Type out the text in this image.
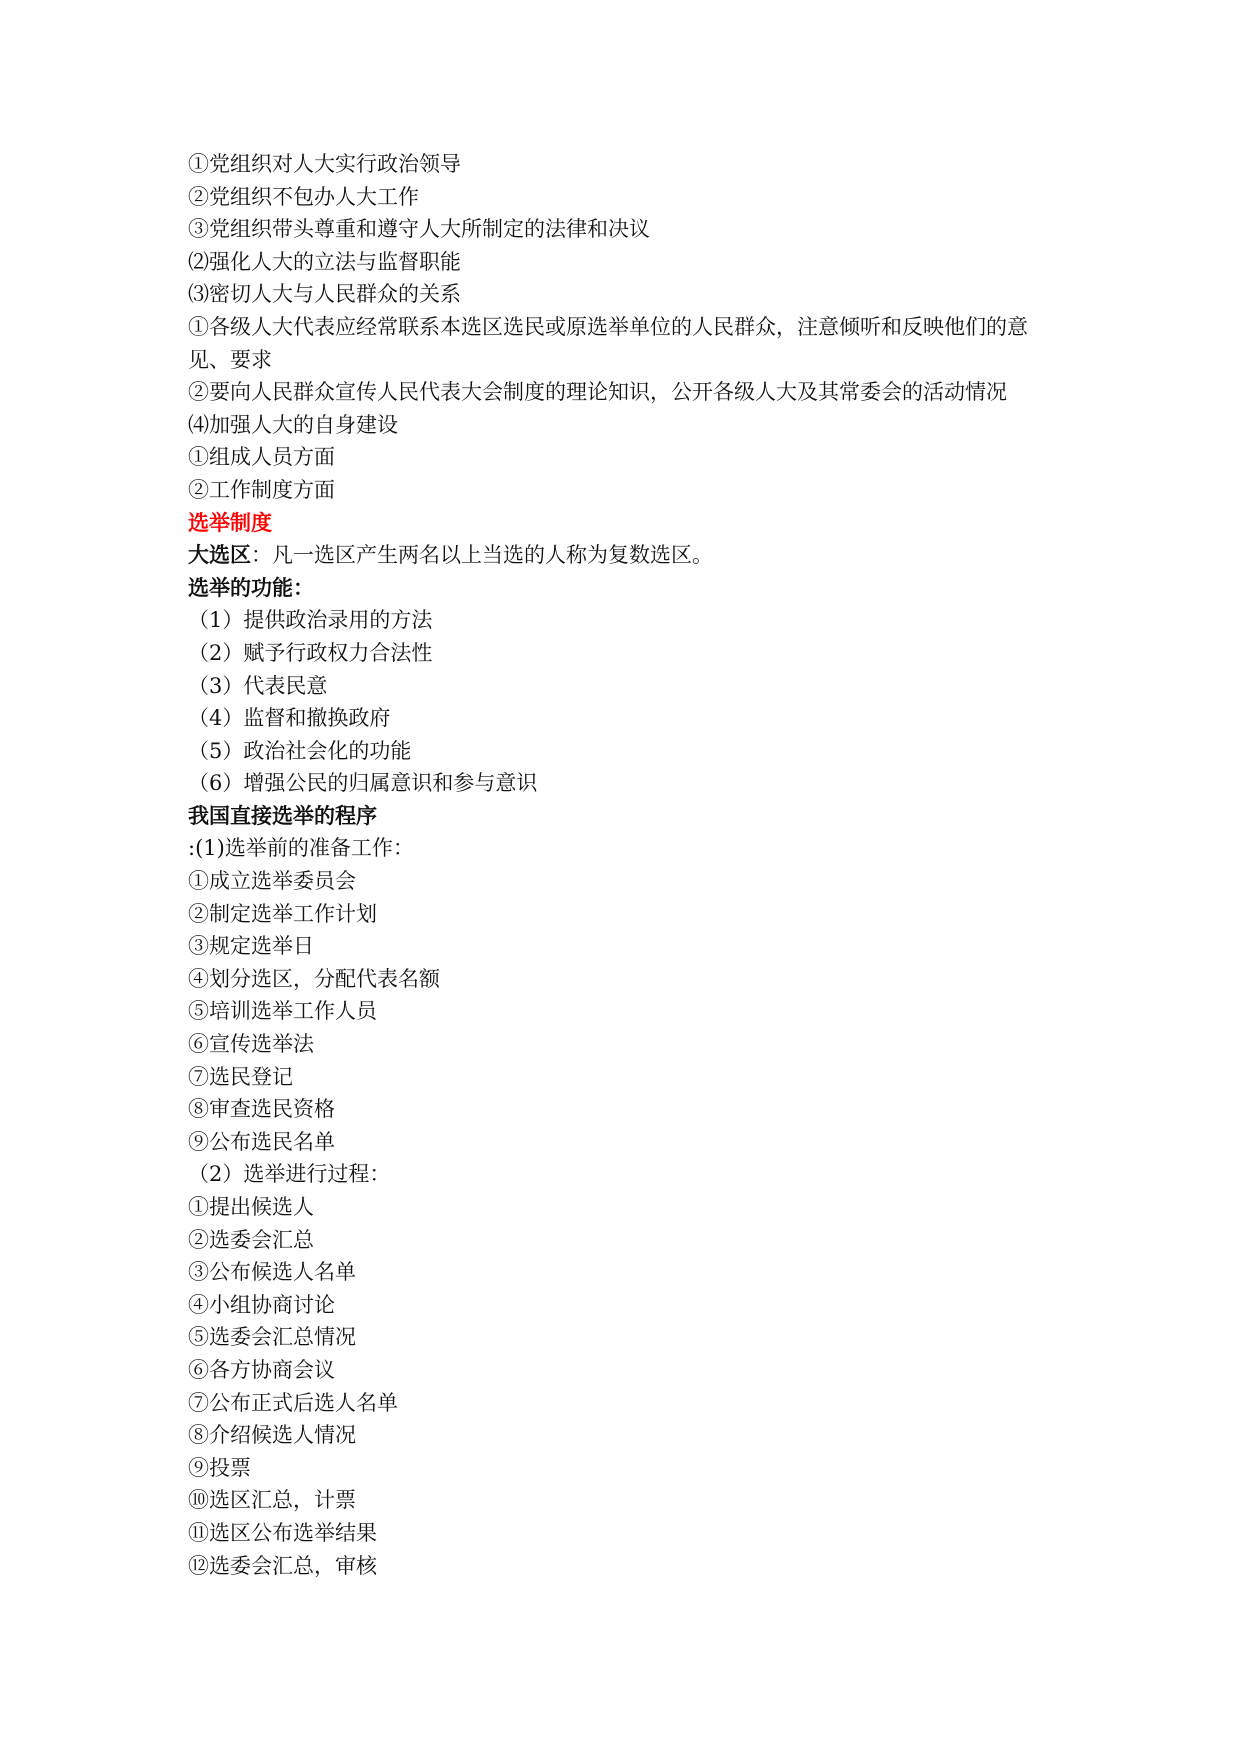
①党组织对人大实行政治领导
②党组织不包办人大工作
③党组织带头尊重和遵守人大所制定的法律和决议
⑵强化人大的立法与监督职能
⑶密切人大与人民群众的关系
①各级人大代表应经常联系本选区选民或原选举单位的人民群众，注意倾听和反映他们的意见、要求
②要向人民群众宣传人民代表大会制度的理论知识，公开各级人大及其常委会的活动情况
⑷加强人大的自身建设
①组成人员方面
②工作制度方面
选举制度
大选区：凡一选区产生两名以上当选的人称为复数选区。
选举的功能：
（1）提供政治录用的方法
（2）赋予行政权力合法性
（3）代表民意
（4）监督和撤换政府
（5）政治社会化的功能
（6）增强公民的归属意识和参与意识
我国直接选举的程序
:(1)选举前的准备工作：
①成立选举委员会
②制定选举工作计划
③规定选举日
④划分选区，分配代表名额
⑤培训选举工作人员
⑥宣传选举法
⑦选民登记
⑧审查选民资格
⑨公布选民名单
（2）选举进行过程：
①提出候选人
②选委会汇总
③公布候选人名单
④小组协商讨论
⑤选委会汇总情况
⑥各方协商会议
⑦公布正式后选人名单
⑧介绍候选人情况
⑨投票
⑩选区汇总，计票
⑪选区公布选举结果
⑫选委会汇总，审核
